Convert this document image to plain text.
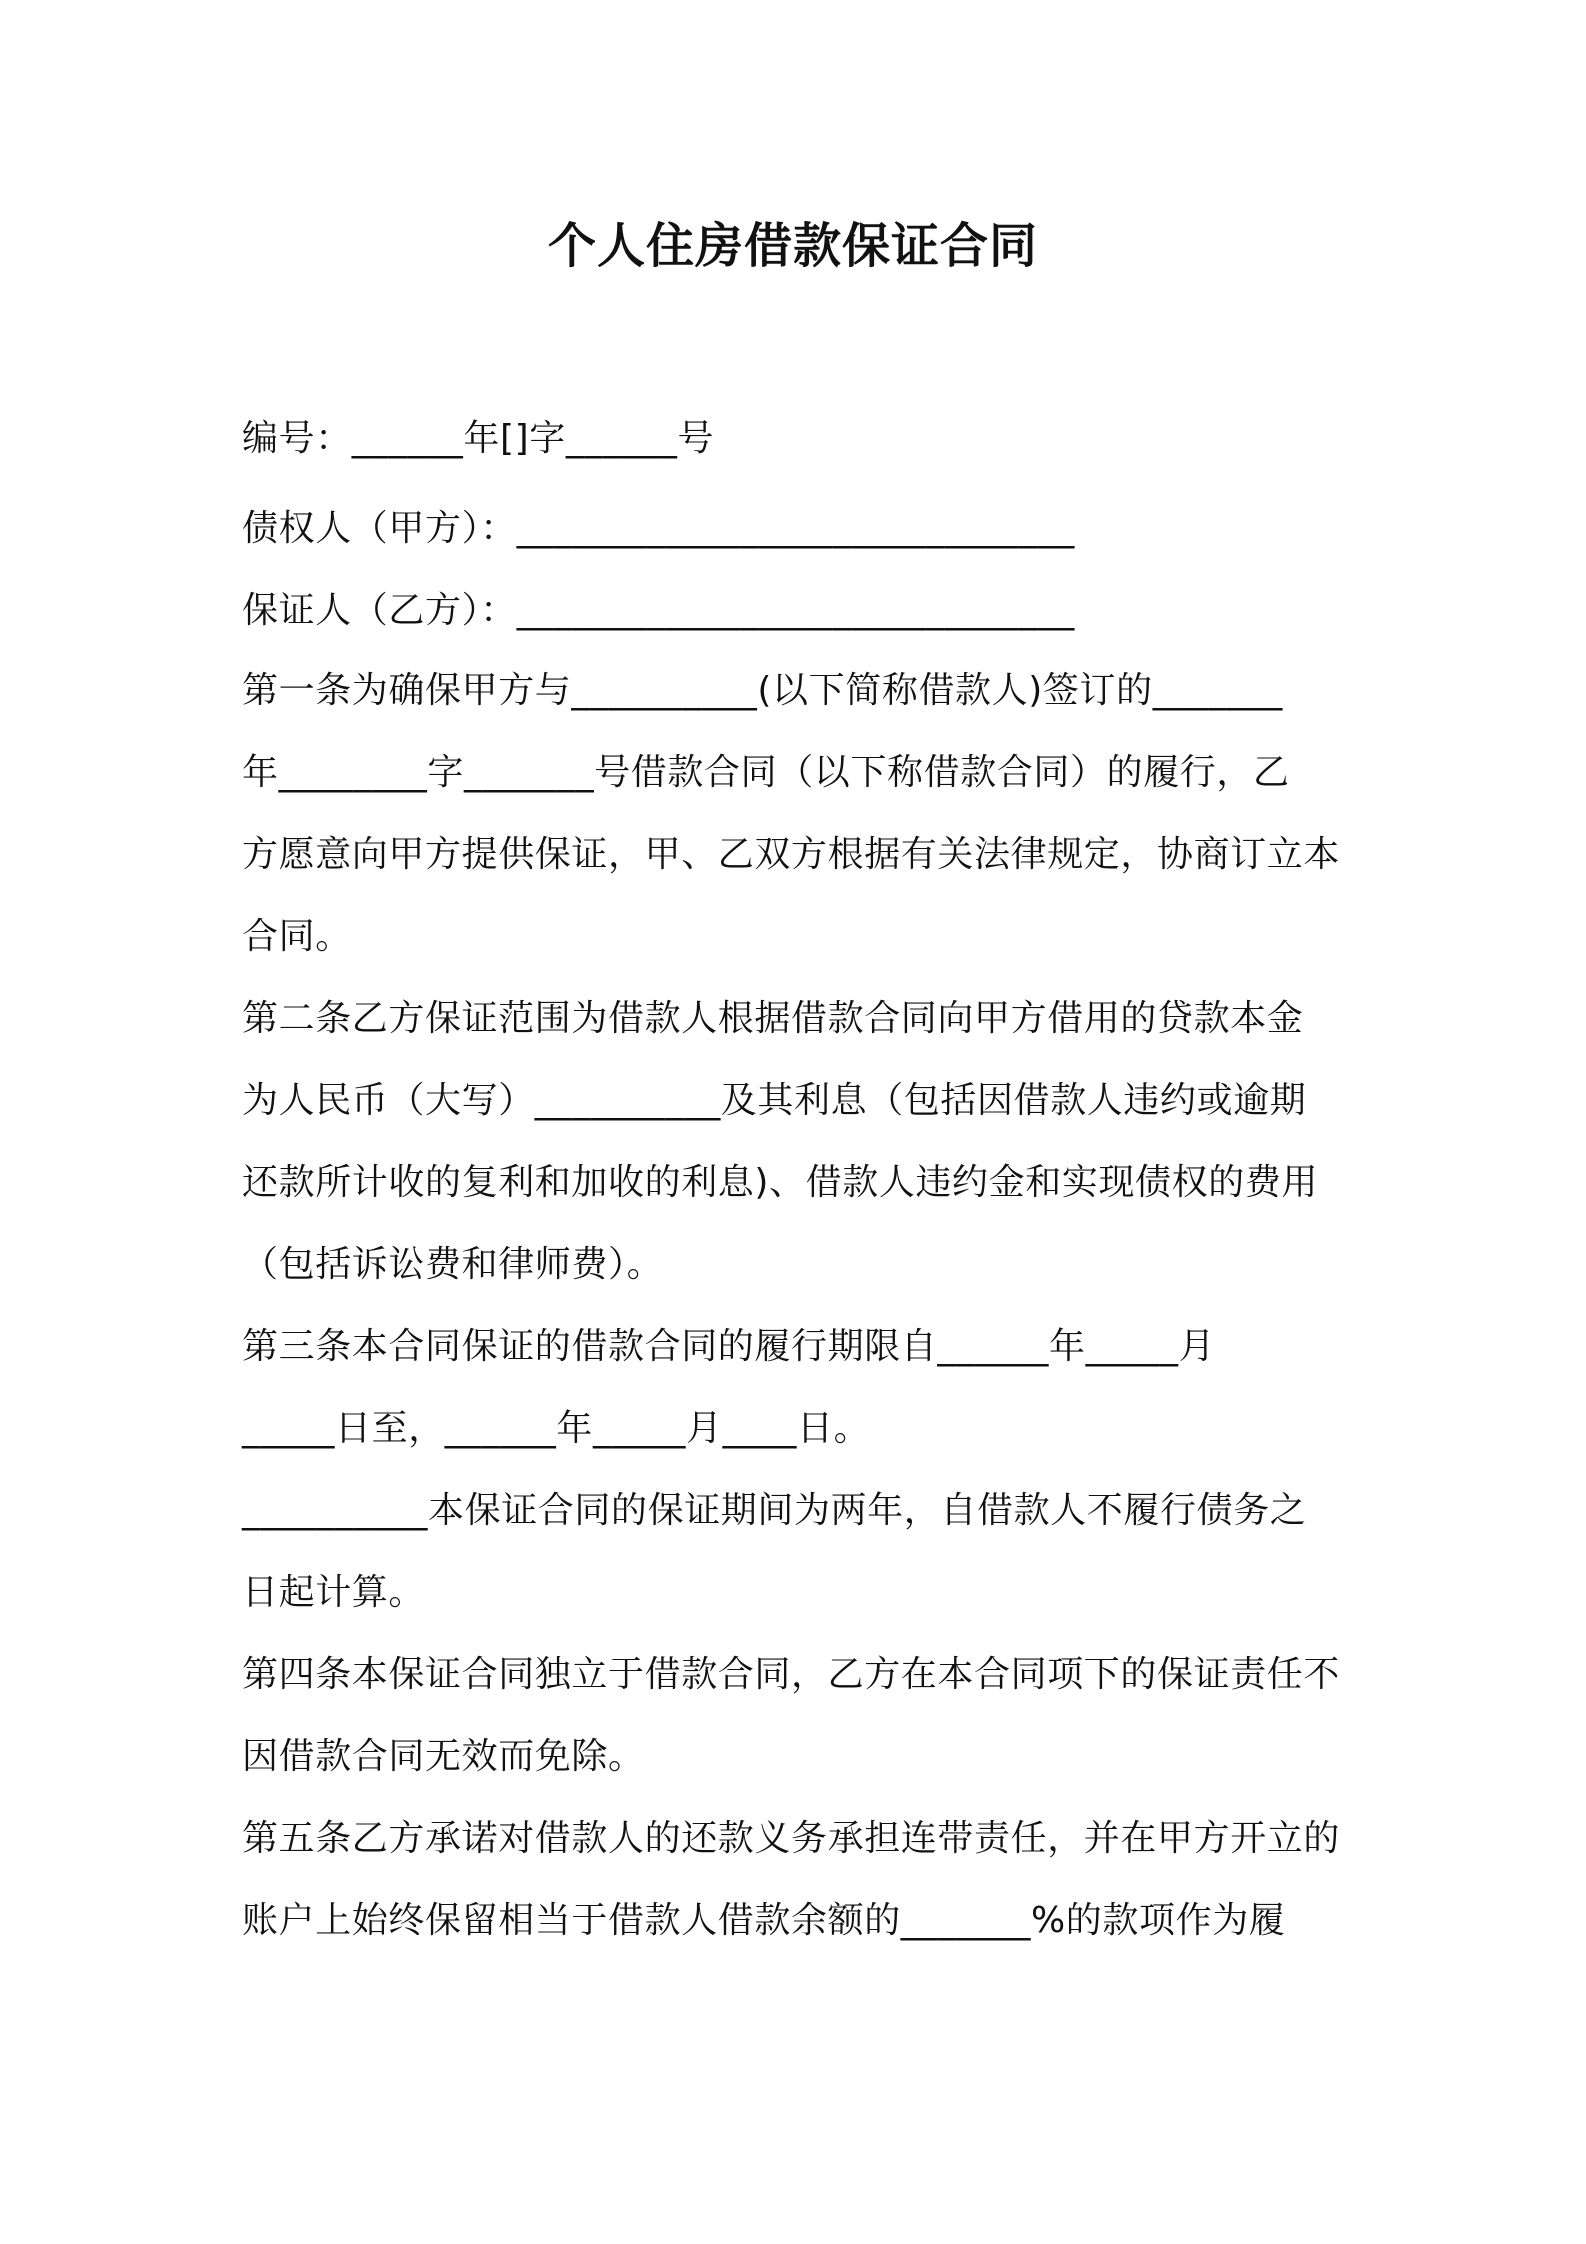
个人住房借款保证合同
编号：______年[]字______号
债权人（甲方）：______________________________
保证人（乙方）：______________________________
第一条为确保甲方与__________(以下简称借款人)签订的_______
年________字_______号借款合同（以下称借款合同）的履行，乙
方愿意向甲方提供保证，甲、乙双方根据有关法律规定，协商订立本
合同。
第二条乙方保证范围为借款人根据借款合同向甲方借用的贷款本金
为人民币（大写）__________及其利息（包括因借款人违约或逾期
还款所计收的复利和加收的利息)、借款人违约金和实现债权的费用
（包括诉讼费和律师费）。
第三条本合同保证的借款合同的履行期限自______年_____月
_____日至，______年_____月____日。
__________本保证合同的保证期间为两年，自借款人不履行债务之
日起计算。
第四条本保证合同独立于借款合同，乙方在本合同项下的保证责任不
因借款合同无效而免除。
第五条乙方承诺对借款人的还款义务承担连带责任，并在甲方开立的
账户上始终保留相当于借款人借款余额的_______%的款项作为履
